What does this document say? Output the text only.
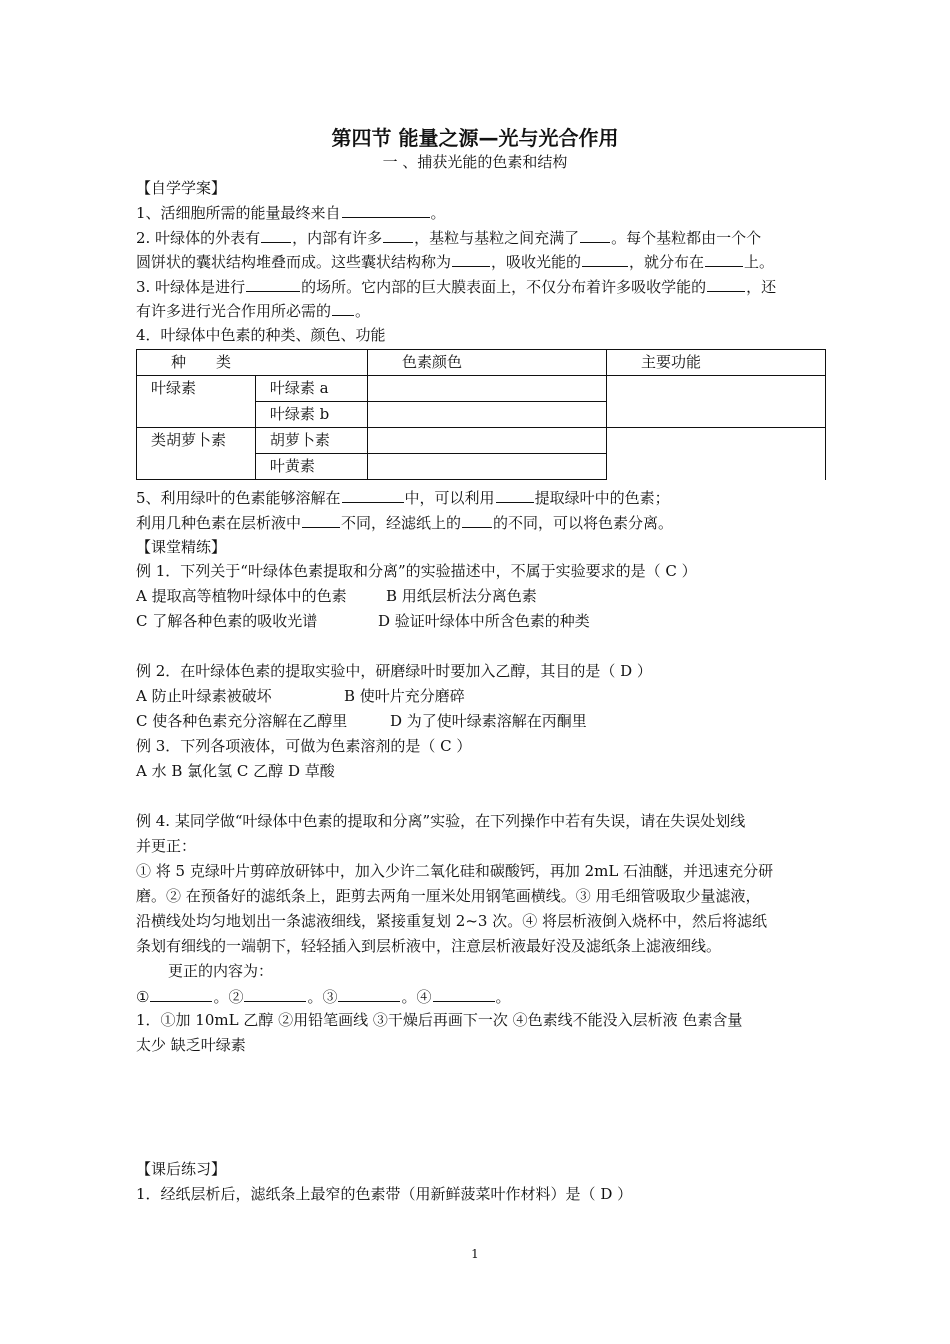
第四节 能量之源—光与光合作用
一 、捕获光能的色素和结构
【自学学案】
1、活细胞所需的能量最终来自	。
2. 叶绿体的外表有 ，内部有许多 ，基粒与基粒之间充满了 。每个基粒都由一个个
圆饼状的囊状结构堆叠而成。这些囊状结构称为	，吸收光能的	，就分布在	上。
3. 叶绿体是进行	的场所。它内部的巨大膜表面上，不仅分布着许多吸收学能的	，还
有许多进行光合作用所必需的 。
4．叶绿体中色素的种类、颜色、功能
种　　类		色素颜色	主要功能
叶绿素	叶绿素 a		
	叶绿素 b		
类胡萝卜素	胡萝卜素		
	叶黄素		
5、利用绿叶的色素能够溶解在	中，可以利用	提取绿叶中的色素；
利用几种色素在层析液中	不同，经滤纸上的 的不同，可以将色素分离。
【课堂精练】
例 1．下列关于“叶绿体色素提取和分离”的实验描述中，不属于实验要求的是（ C ）
A 提取高等植物叶绿体中的色素	B 用纸层析法分离色素
C 了解各种色素的吸收光谱	D 验证叶绿体中所含色素的种类
例 2．在叶绿体色素的提取实验中，研磨绿叶时要加入乙醇，其目的是（ D ）
A 防止叶绿素被破坏	B 使叶片充分磨碎
C 使各种色素充分溶解在乙醇里	D 为了使叶绿素溶解在丙酮里
例 3．下列各项液体，可做为色素溶剂的是（ C ）
A 水 B 氯化氢 C 乙醇 D 草酸
例 4. 某同学做“叶绿体中色素的提取和分离”实验，在下列操作中若有失误，请在失误处划线
并更正：
① 将 5 克绿叶片剪碎放研钵中，加入少许二氧化硅和碳酸钙，再加 2mL 石油醚，并迅速充分研
磨。② 在预备好的滤纸条上，距剪去两角一厘米处用钢笔画横线。③ 用毛细管吸取少量滤液，
沿横线处均匀地划出一条滤液细线，紧接重复划 2~3 次。④ 将层析液倒入烧杯中，然后将滤纸
条划有细线的一端朝下，轻轻插入到层析液中，注意层析液最好没及滤纸条上滤液细线。
更正的内容为：
①	。②	。③	。④	。
1．①加 10mL 乙醇 ②用铅笔画线 ③干燥后再画下一次 ④色素线不能没入层析液 色素含量
太少 缺乏叶绿素
【课后练习】
1．经纸层析后，滤纸条上最窄的色素带（用新鲜菠菜叶作材料）是（ D ）
1
